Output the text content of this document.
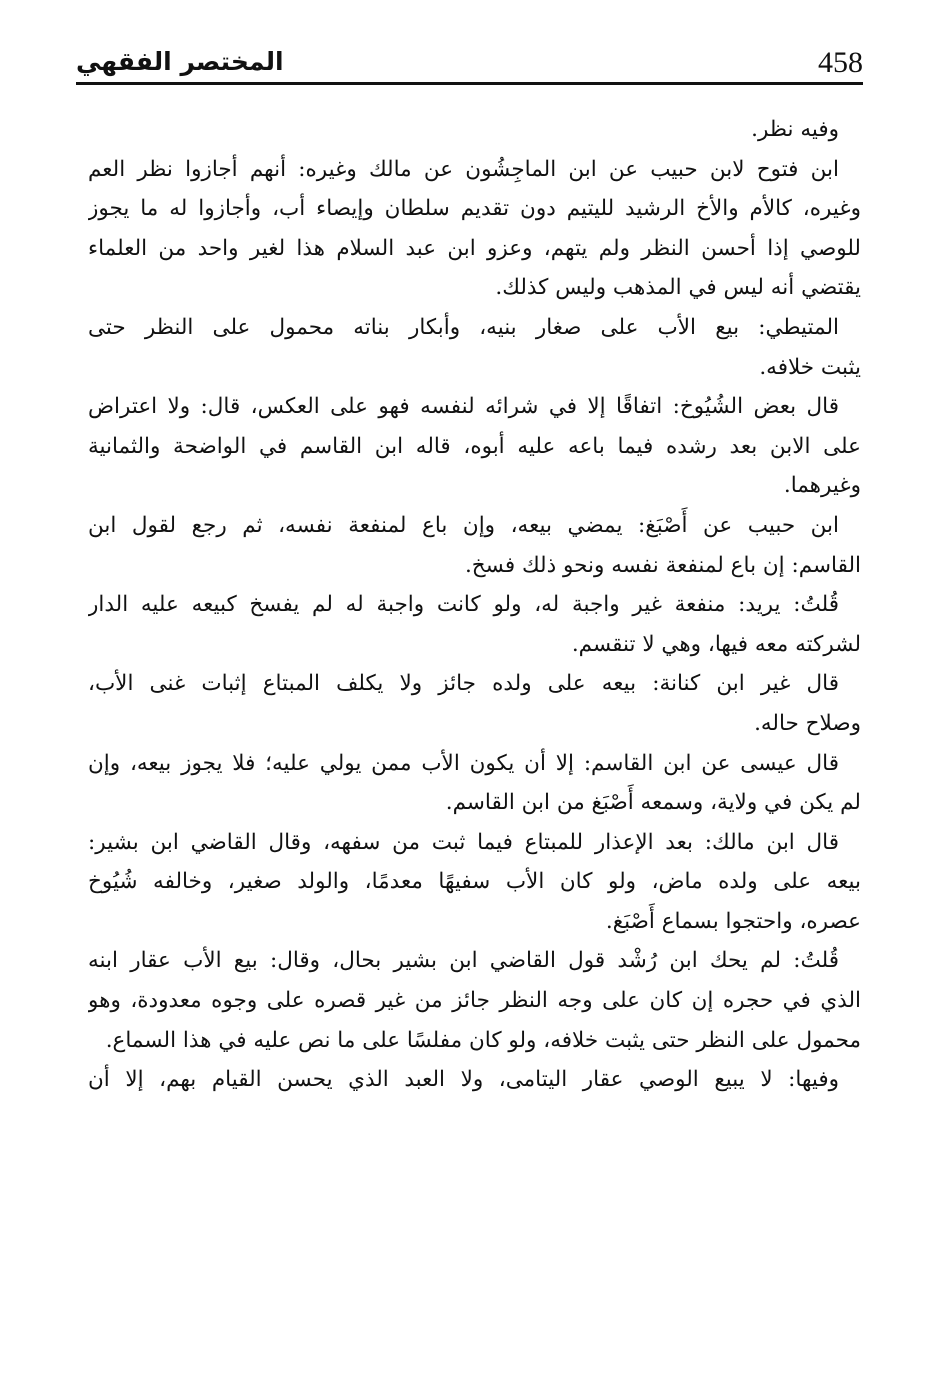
المختصر الفقهي	458

وفيه نظر.

ابن فتوح لابن حبيب عن ابن الماجِشُون عن مالك وغيره: أنهم أجازوا نظر العم
وغيره، كالأم والأخ الرشيد لليتيم دون تقديم سلطان وإيصاء أب، وأجازوا له ما يجوز
للوصي إذا أحسن النظر ولم يتهم، وعزو ابن عبد السلام هذا لغير واحد من العلماء
يقتضي أنه ليس في المذهب وليس كذلك.

المتيطي: بيع الأب على صغار بنيه، وأبكار بناته محمول على النظر حتى
يثبت خلافه.

قال بعض الشُيُوخ: اتفاقًا إلا في شرائه لنفسه فهو على العكس، قال: ولا اعتراض
على الابن بعد رشده فيما باعه عليه أبوه، قاله ابن القاسم في الواضحة والثمانية
وغيرهما.

ابن حبيب عن أَصْبَغ: يمضي بيعه، وإن باع لمنفعة نفسه، ثم رجع لقول ابن
القاسم: إن باع لمنفعة نفسه ونحو ذلك فسخ.

قُلتُ: يريد: منفعة غير واجبة له، ولو كانت واجبة له لم يفسخ كبيعه عليه الدار
لشركته معه فيها، وهي لا تنقسم.

قال غير ابن كنانة: بيعه على ولده جائز ولا يكلف المبتاع إثبات غنى الأب،
وصلاح حاله.

قال عيسى عن ابن القاسم: إلا أن يكون الأب ممن يولي عليه؛ فلا يجوز بيعه، وإن
لم يكن في ولاية، وسمعه أَصْبَغ من ابن القاسم.

قال ابن مالك: بعد الإعذار للمبتاع فيما ثبت من سفهه، وقال القاضي ابن بشير:
بيعه على ولده ماض، ولو كان الأب سفيهًا معدمًا، والولد صغير، وخالفه شُيُوخ
عصره، واحتجوا بسماع أَصْبَغ.

قُلتُ: لم يحك ابن رُشْد قول القاضي ابن بشير بحال، وقال: بيع الأب عقار ابنه
الذي في حجره إن كان على وجه النظر جائز من غير قصره على وجوه معدودة، وهو
محمول على النظر حتى يثبت خلافه، ولو كان مفلسًا على ما نص عليه في هذا السماع.

وفيها: لا يبيع الوصي عقار اليتامى، ولا العبد الذي يحسن القيام بهم، إلا أن
